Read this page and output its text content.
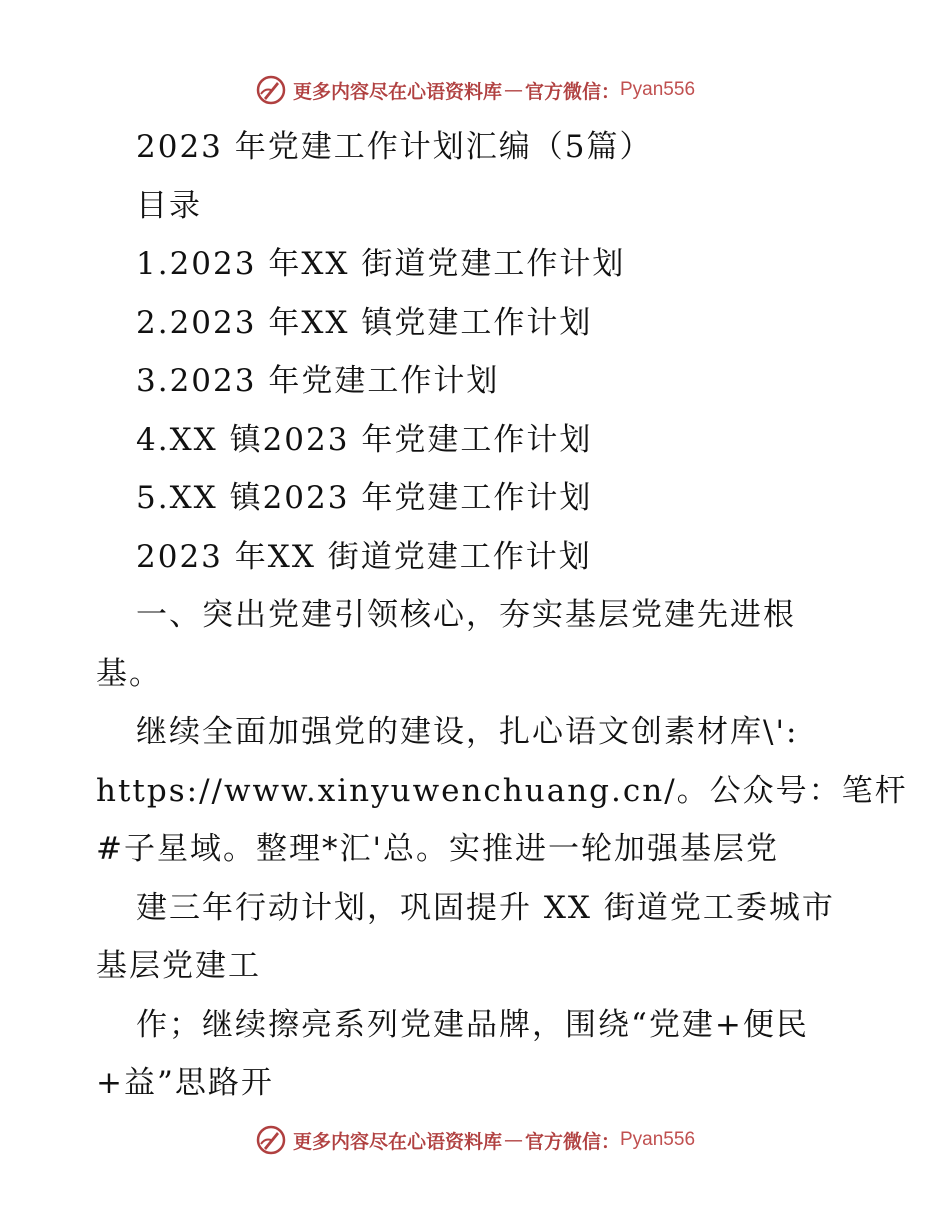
更多内容尽在心语资料库 — 官方微信： Pyan556

2023 年党建工作计划汇编（5篇）

目录

1.2023 年XX 街道党建工作计划

2.2023 年XX 镇党建工作计划

3.2023 年党建工作计划

4.XX 镇2023 年党建工作计划

5.XX 镇2023 年党建工作计划

2023 年XX 街道党建工作计划

一、突出党建引领核心，夯实基层党建先进根

基。

继续全面加强党的建设，扎心语文创素材库\':

https://www.xinyuwenchuang.cn/。公众号：笔杆

#子星域。整理*汇'总。实推进一轮加强基层党

建三年行动计划，巩固提升 XX 街道党工委城市

基层党建工

作；继续擦亮系列党建品牌，围绕“党建+便民

+益”思路开

更多内容尽在心语资料库 — 官方微信： Pyan556
